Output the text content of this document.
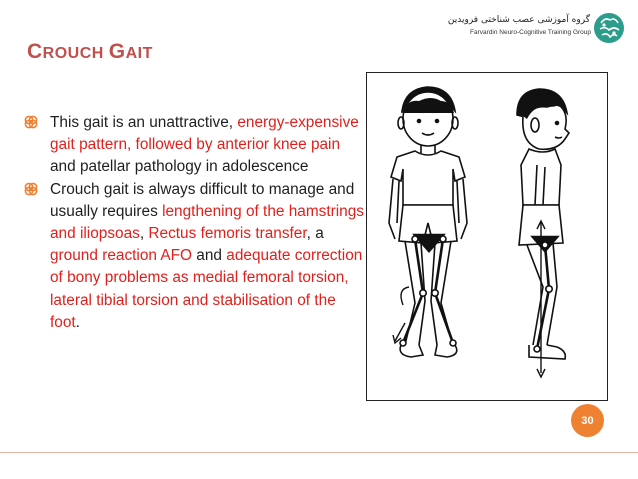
CROUCH GAIT
گروه آموزشی عصب شناختی فرویدین
Farvardin Neuro-Cognitive Training Group
This gait is an unattractive, energy-expensive gait pattern, followed by anterior knee pain and patellar pathology in adolescence
Crouch gait is always difficult to manage and usually requires lengthening of the hamstrings and iliopsoas, Rectus femoris transfer, a ground reaction AFO and adequate correction of bony problems as medial femoral torsion, lateral tibial torsion and stabilisation of the foot.
30
